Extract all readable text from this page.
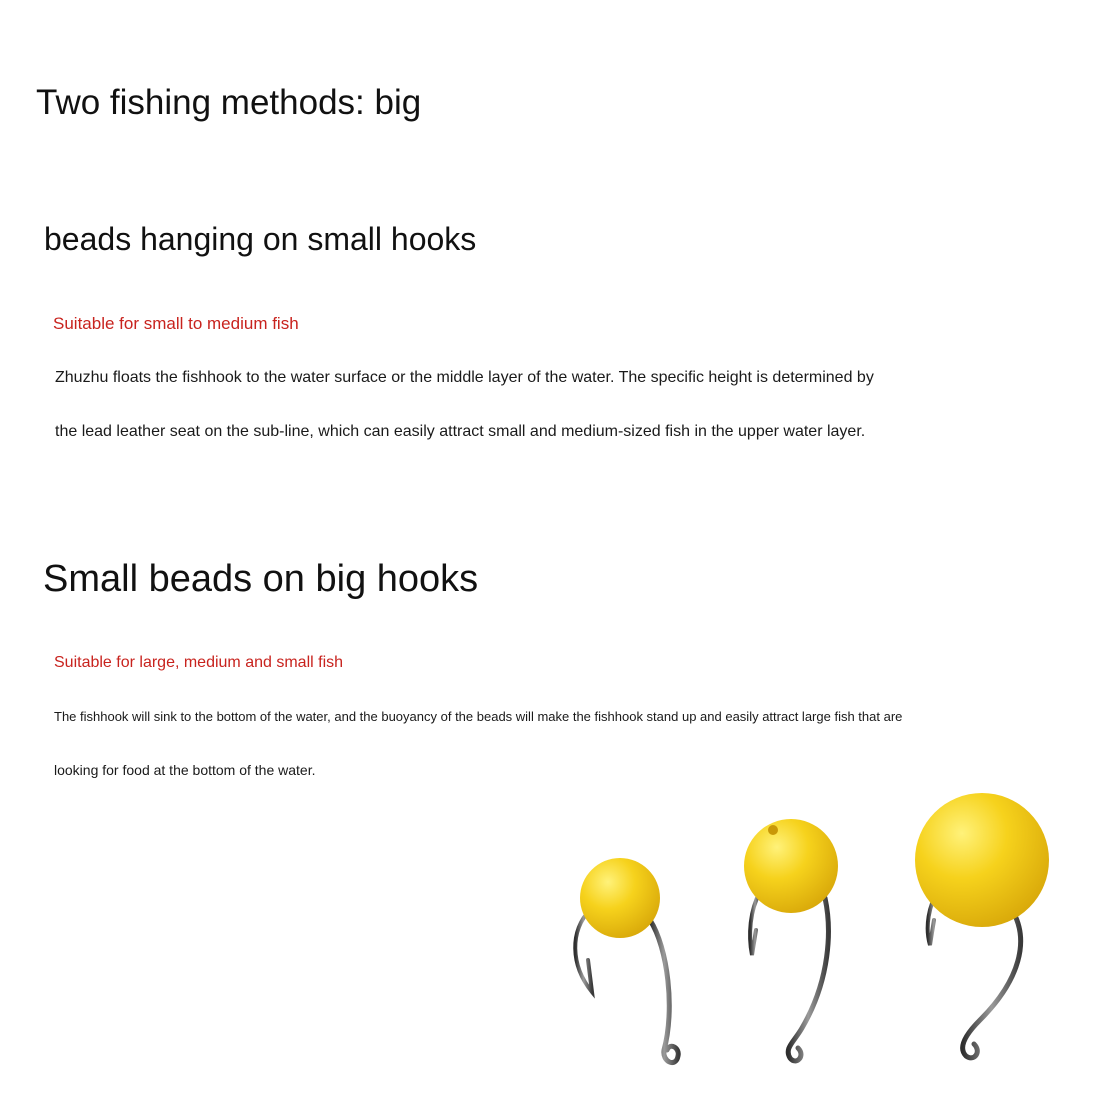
Two fishing methods: big
beads hanging on small hooks
Suitable for small to medium fish
Zhuzhu floats the fishhook to the water surface or the middle layer of the water. The specific height is determined by
the lead leather seat on the sub-line, which can easily attract small and medium-sized fish in the upper water layer.
Small beads on big hooks
Suitable for large, medium and small fish
The fishhook will sink to the bottom of the water, and the buoyancy of the beads will make the fishhook stand up and easily attract large fish that are
looking for food at the bottom of the water.
